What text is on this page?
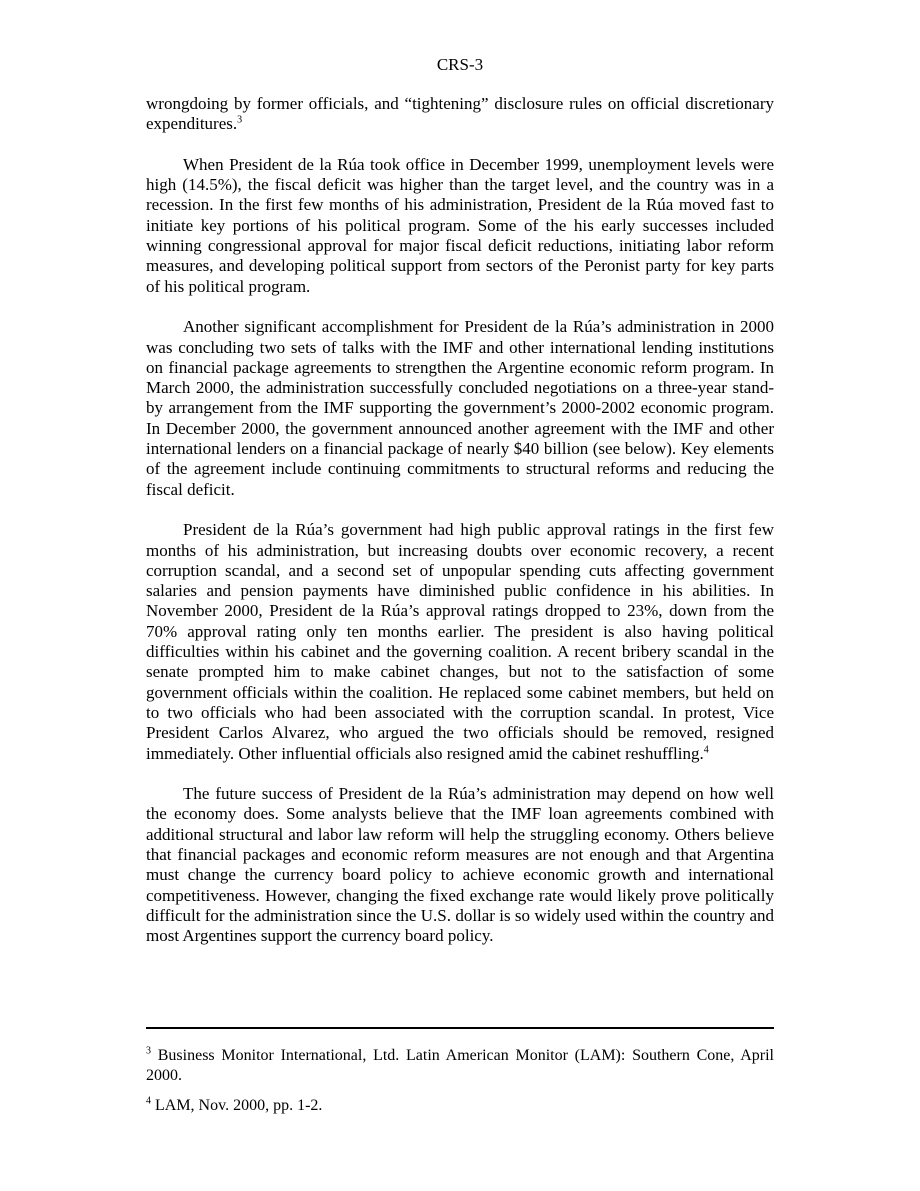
CRS-3

wrongdoing by former officials, and “tightening” disclosure rules on official discretionary expenditures.$^3$

When President de la Rúa took office in December 1999, unemployment levels were high (14.5%), the fiscal deficit was higher than the target level, and the country was in a recession. In the first few months of his administration, President de la Rúa moved fast to initiate key portions of his political program. Some of the his early successes included winning congressional approval for major fiscal deficit reductions, initiating labor reform measures, and developing political support from sectors of the Peronist party for key parts of his political program.

Another significant accomplishment for President de la Rúa’s administration in 2000 was concluding two sets of talks with the IMF and other international lending institutions on financial package agreements to strengthen the Argentine economic reform program. In March 2000, the administration successfully concluded negotiations on a three-year stand-by arrangement from the IMF supporting the government’s 2000-2002 economic program. In December 2000, the government announced another agreement with the IMF and other international lenders on a financial package of nearly $40 billion (see below). Key elements of the agreement include continuing commitments to structural reforms and reducing the fiscal deficit.

President de la Rúa’s government had high public approval ratings in the first few months of his administration, but increasing doubts over economic recovery, a recent corruption scandal, and a second set of unpopular spending cuts affecting government salaries and pension payments have diminished public confidence in his abilities. In November 2000, President de la Rúa’s approval ratings dropped to 23%, down from the 70% approval rating only ten months earlier. The president is also having political difficulties within his cabinet and the governing coalition. A recent bribery scandal in the senate prompted him to make cabinet changes, but not to the satisfaction of some government officials within the coalition. He replaced some cabinet members, but held on to two officials who had been associated with the corruption scandal. In protest, Vice President Carlos Alvarez, who argued the two officials should be removed, resigned immediately. Other influential officials also resigned amid the cabinet reshuffling.$^4$

The future success of President de la Rúa’s administration may depend on how well the economy does. Some analysts believe that the IMF loan agreements combined with additional structural and labor law reform will help the struggling economy. Others believe that financial packages and economic reform measures are not enough and that Argentina must change the currency board policy to achieve economic growth and international competitiveness. However, changing the fixed exchange rate would likely prove politically difficult for the administration since the U.S. dollar is so widely used within the country and most Argentines support the currency board policy.

$^3$ Business Monitor International, Ltd. Latin American Monitor (LAM): Southern Cone, April 2000.

$^4$ LAM, Nov. 2000, pp. 1-2.
